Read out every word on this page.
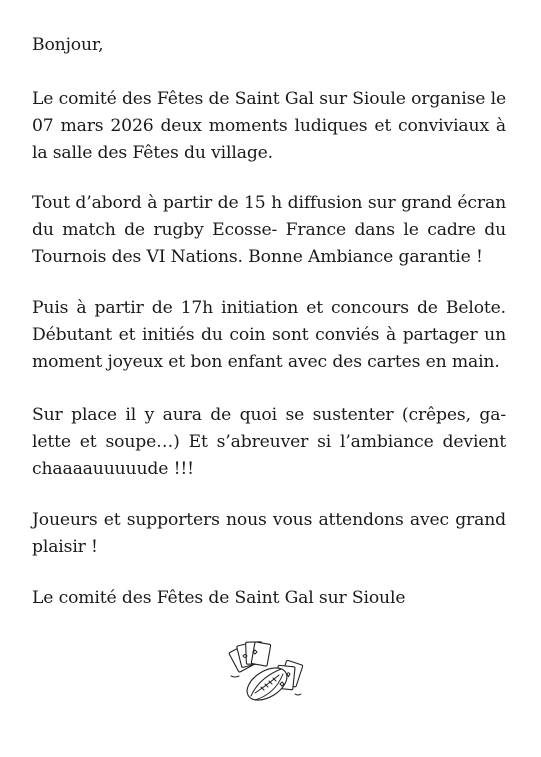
Bonjour,
Le comité des Fêtes de Saint Gal sur Sioule organise le
07 mars 2026 deux moments ludiques et conviviaux à
la salle des Fêtes du village.
Tout d’abord à partir de 15 h diffusion sur grand écran
du match de rugby Ecosse- France dans le cadre du
Tournois des VI Nations. Bonne Ambiance garantie !
Puis à partir de 17h initiation et concours de Belote.
Débutant et initiés du coin sont conviés à partager un
moment joyeux et bon enfant avec des cartes en main.
Sur place il y aura de quoi se sustenter (crêpes, ga-
lette et soupe…) Et s’abreuver si l’ambiance devient
chaaaauuuuude !!!
Joueurs et supporters nous vous attendons avec grand
plaisir !
Le comité des Fêtes de Saint Gal sur Sioule
